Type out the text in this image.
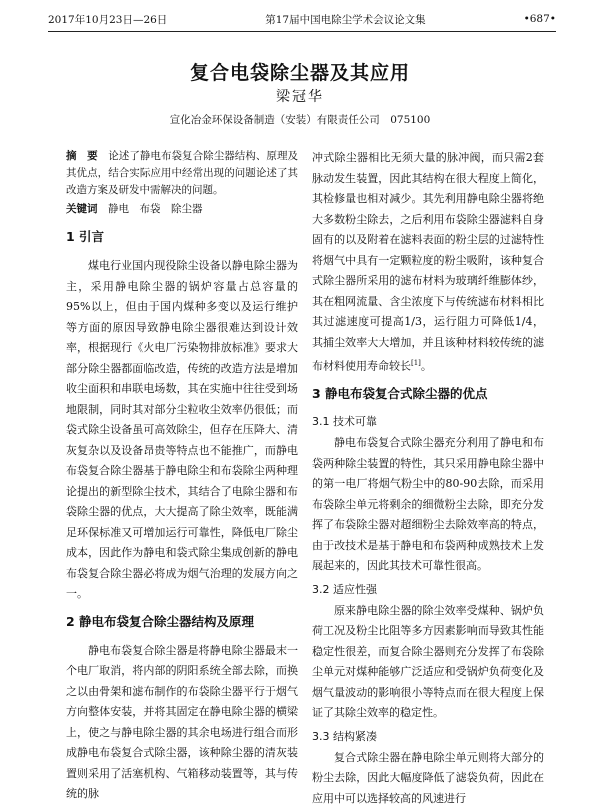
2017年10月23日—26日	第17届中国电除尘学术会议论文集	•687•
复合电袋除尘器及其应用
梁冠华
宣化冶金环保设备制造（安装）有限责任公司　075100

摘　要　 论述了静电布袋复合除尘器结构、原理及其优点，结合实际应用中经常出现的问题论述了其改造方案及研发中需解决的问题。

关键词　 静电　布袋　除尘器

1 引言

煤电行业国内现役除尘设备以静电除尘器为主，采用静电除尘器的锅炉容量占总容量的95%以上，但由于国内煤种多变以及运行维护等方面的原因导致静电除尘器很难达到设计效率，根据现行《火电厂污染物排放标准》要求大部分除尘器都面临改造，传统的改造方法是增加收尘面积和串联电场数，其在实施中往往受到场地限制，同时其对部分尘粒收尘效率仍很低；而袋式除尘设备虽可高效除尘，但存在压降大、清灰复杂以及设备昂贵等特点也不能推广，而静电布袋复合除尘器基于静电除尘和布袋除尘两种理论提出的新型除尘技术，其结合了电除尘器和布袋除尘器的优点，大大提高了除尘效率，既能满足环保标准又可增加运行可靠性，降低电厂除尘成本，因此作为静电和袋式除尘集成创新的静电布袋复合除尘器必将成为烟气治理的发展方向之一。

2 静电布袋复合除尘器结构及原理

静电布袋复合除尘器是将静电除尘器最末一个电厂取消，将内部的阴阳系统全部去除，而换之以由骨架和滤布制作的布袋除尘器平行于烟气方向整体安装，并将其固定在静电除尘器的横梁上，使之与静电除尘器的其余电场进行组合而形成静电布袋复合式除尘器，该种除尘器的清灰装置则采用了活塞机构、气箱移动装置等，其与传统的脉

冲式除尘器相比无须大量的脉冲阀，而只需2套脉动发生装置，因此其结构在很大程度上简化，其检修量也相对减少。其先利用静电除尘器将绝大多数粉尘除去，之后利用布袋除尘器滤料自身固有的以及附着在滤料表面的粉尘层的过滤特性将烟气中具有一定颗粒度的粉尘吸附，该种复合式除尘器所采用的滤布材料为玻璃纤维膨体纱，其在粗网流量、含尘浓度下与传统滤布材料相比其过滤速度可提高1/3，运行阻力可降低1/4，其捕尘效率大大增加，并且该种材料较传统的滤布材料使用寿命较长[1]。

3 静电布袋复合式除尘器的优点
3.1 技术可靠

静电布袋复合式除尘器充分利用了静电和布袋两种除尘装置的特性，其只采用静电除尘器中的第一电厂将烟气粉尘中的80-90去除，而采用布袋除尘单元将剩余的细微粉尘去除，即充分发挥了布袋除尘器对超细粉尘去除效率高的特点，由于改技术是基于静电和布袋两种成熟技术上发展起来的，因此其技术可靠性很高。

3.2 适应性强

原来静电除尘器的除尘效率受煤种、锅炉负荷工况及粉尘比阻等多方因素影响而导致其性能稳定性很差，而复合除尘器则充分发挥了布袋除尘单元对煤种能够广泛适应和受锅炉负荷变化及烟气量波动的影响很小等特点而在很大程度上保证了其除尘效率的稳定性。

3.3 结构紧凑

复合式除尘器在静电除尘单元则将大部分的粉尘去除，因此大幅度降低了滤袋负荷，因此在应用中可以选择较高的风速进行
